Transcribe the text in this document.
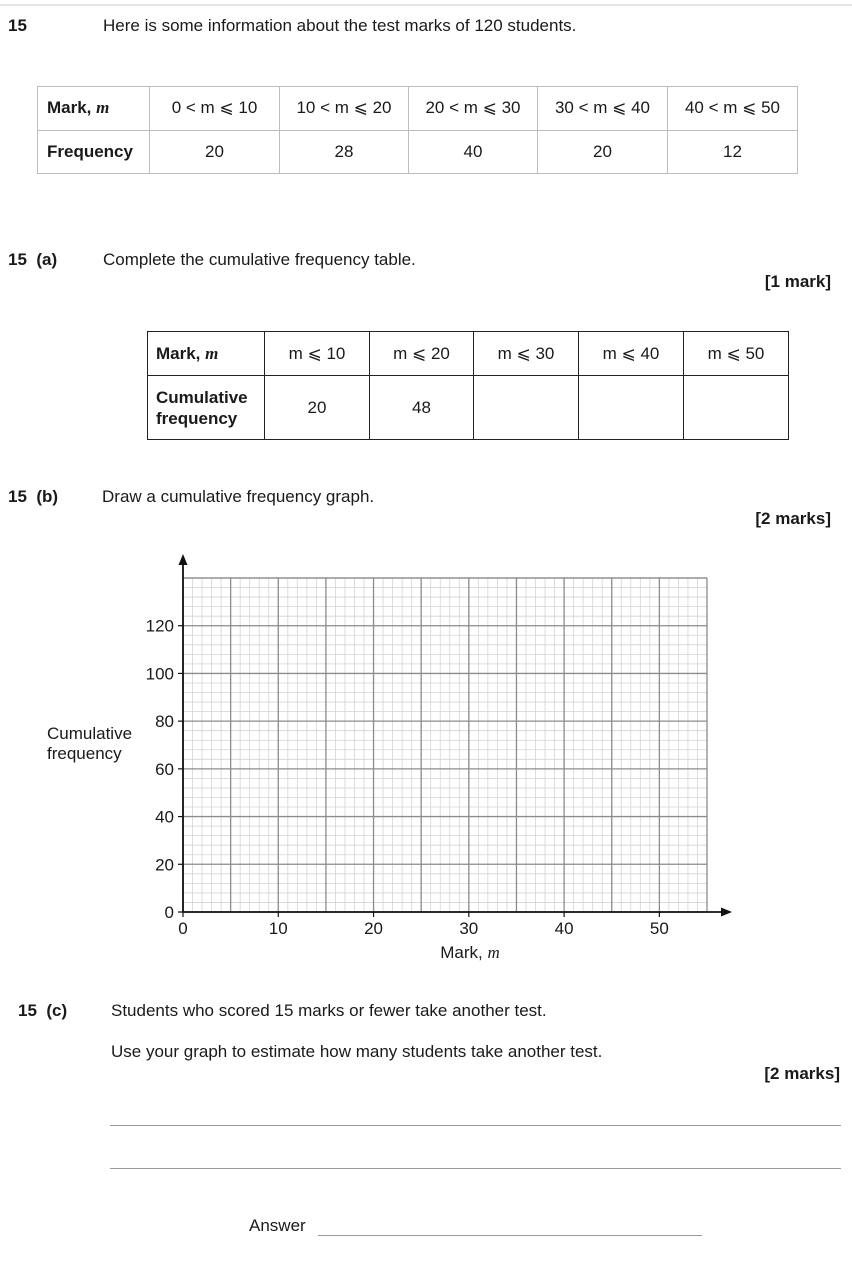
15	Here is some information about the test marks of 120 students.
Mark, m	0 < m ⩽ 10	10 < m ⩽ 20	20 < m ⩽ 30	30 < m ⩽ 40	40 < m ⩽ 50
Frequency	20	28	40	20	12
15  (a)	Complete the cumulative frequency table.
[1 mark]
Mark, m	m ⩽ 10	m ⩽ 20	m ⩽ 30	m ⩽ 40	m ⩽ 50
Cumulative
frequency	20	48			
15  (b)	Draw a cumulative frequency graph.
[2 marks]
Cumulative
frequency
0	10	20	30	40	50
0
20
40
60
80
100
120
Mark, m
15  (c)	Students who scored 15 marks or fewer take another test.
Use your graph to estimate how many students take another test.
[2 marks]
Answer
